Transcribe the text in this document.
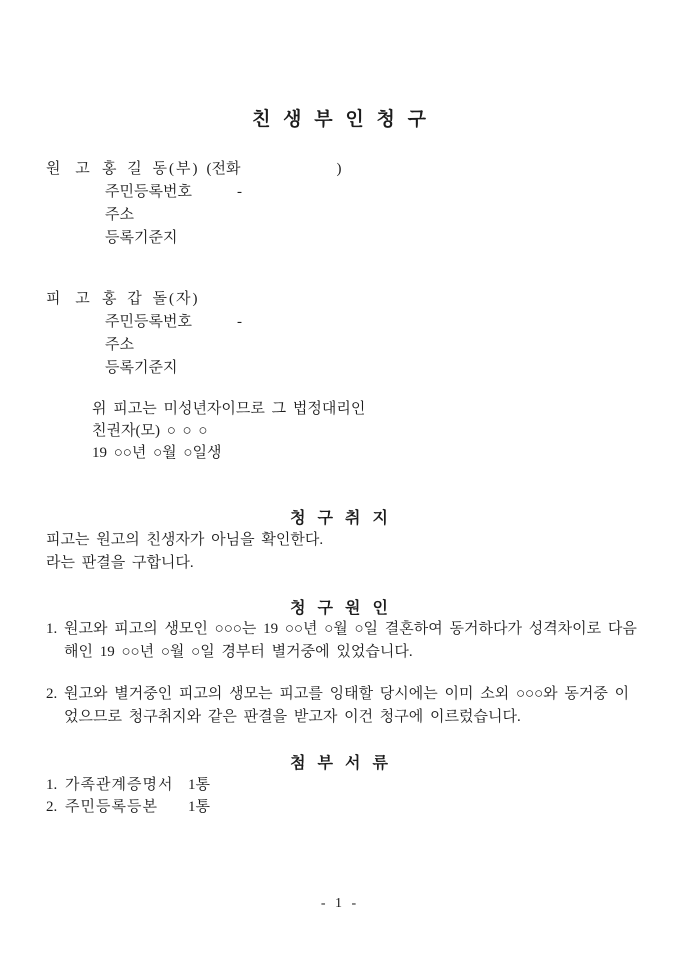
친 생 부 인 청 구
원 고 홍 길 동(부) (전화	)
주민등록번호	-
주소
등록기준지
피 고 홍 갑 돌(자)
주민등록번호	-
주소
등록기준지
위 피고는 미성년자이므로 그 법정대리인
친권자(모) ○ ○ ○
19 ○○년 ○월 ○일생
청 구 취 지
피고는 원고의 친생자가 아님을 확인한다.
라는 판결을 구합니다.
청 구 원 인
1. 원고와 피고의 생모인 ○○○는 19 ○○년 ○월 ○일 결혼하여 동거하다가 성격차이로 다음해인 19 ○○년 ○월 ○일 경부터 별거중에 있었습니다.
2. 원고와 별거중인 피고의 생모는 피고를 잉태할 당시에는 이미 소외 ○○○와 동거중 이었으므로 청구취지와 같은 판결을 받고자 이건 청구에 이르렀습니다.
첨 부 서 류
1. 가족관계증명서 1통
2. 주민등록등본	1통
- 1 -
